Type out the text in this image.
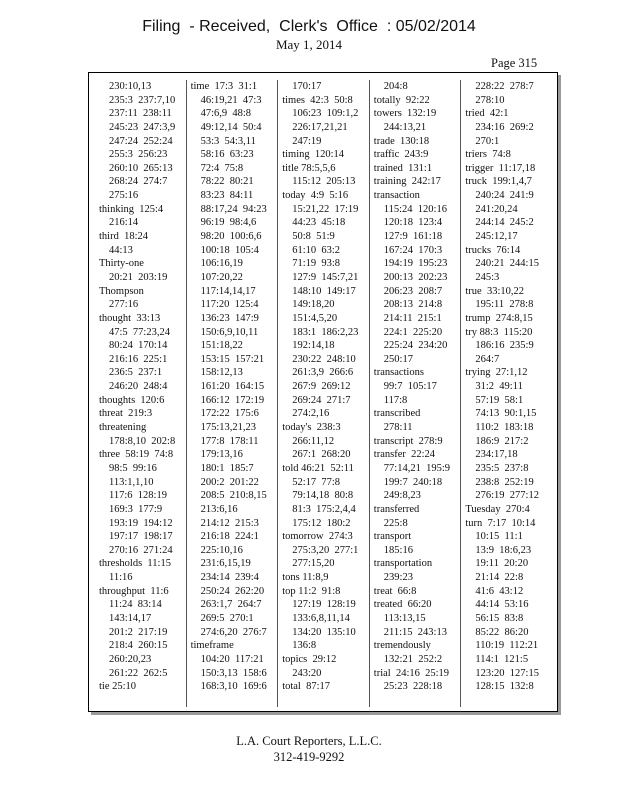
Filing  - Received,  Clerk's  Office  : 05/02/2014
May 1, 2014
Page 315
230:10,13
235:3  237:7,10
237:11  238:11
245:23  247:3,9
247:24  252:24
255:3  256:23
260:10  265:13
268:24  274:7
275:16
thinking  125:4
216:14
third  18:24
44:13
Thirty-one
20:21  203:19
Thompson
277:16
thought  33:13
47:5  77:23,24
80:24  170:14
216:16  225:1
236:5  237:1
246:20  248:4
thoughts  120:6
threat  219:3
threatening
178:8,10  202:8
three  58:19  74:8
98:5  99:16
113:1,1,10
117:6  128:19
169:3  177:9
193:19  194:12
197:17  198:17
270:16  271:24
thresholds  11:15
11:16
throughput  11:6
11:24  83:14
143:14,17
201:2  217:19
218:4  260:15
260:20,23
261:22  262:5
tie 25:10
time  17:3  31:1
46:19,21  47:3
47:6,9  48:8
49:12,14  50:4
53:3  54:3,11
58:16  63:23
72:4  75:8
78:22  80:21
83:23  84:11
88:17,24  94:23
96:19  98:4,6
98:20  100:6,6
100:18  105:4
106:16,19
107:20,22
117:14,14,17
117:20  125:4
136:23  147:9
150:6,9,10,11
151:18,22
153:15  157:21
158:12,13
161:20  164:15
166:12  172:19
172:22  175:6
175:13,21,23
177:8  178:11
179:13,16
180:1  185:7
200:2  201:22
208:5  210:8,15
213:6,16
214:12  215:3
216:18  224:1
225:10,16
231:6,15,19
234:14  239:4
250:24  262:20
263:1,7  264:7
269:5  270:1
274:6,20  276:7
timeframe
104:20  117:21
150:3,13  158:6
168:3,10  169:6
170:17
times  42:3  50:8
106:23  109:1,2
226:17,21,21
247:19
timing  120:14
title 78:5,5,6
115:12  205:13
today  4:9  5:16
15:21,22  17:19
44:23  45:18
50:8  51:9
61:10  63:2
71:19  93:8
127:9  145:7,21
148:10  149:17
149:18,20
151:4,5,20
183:1  186:2,23
192:14,18
230:22  248:10
261:3,9  266:6
267:9  269:12
269:24  271:7
274:2,16
today's  238:3
266:11,12
267:1  268:20
told 46:21  52:11
52:17  77:8
79:14,18  80:8
81:3  175:2,4,4
175:12  180:2
tomorrow  274:3
275:3,20  277:1
277:15,20
tons 11:8,9
top 11:2  91:8
127:19  128:19
133:6,8,11,14
134:20  135:10
136:8
topics  29:12
243:20
total  87:17
204:8
totally  92:22
towers  132:19
244:13,21
trade  130:18
traffic  243:9
trained  131:1
training  242:17
transaction
115:24  120:16
120:18  123:4
127:9  161:18
167:24  170:3
194:19  195:23
200:13  202:23
206:23  208:7
208:13  214:8
214:11  215:1
224:1  225:20
225:24  234:20
250:17
transactions
99:7  105:17
117:8
transcribed
278:11
transcript  278:9
transfer  22:24
77:14,21  195:9
199:7  240:18
249:8,23
transferred
225:8
transport
185:16
transportation
239:23
treat  66:8
treated  66:20
113:13,15
211:15  243:13
tremendously
132:21  252:2
trial  24:16  25:19
25:23  228:18
228:22  278:7
278:10
tried  42:1
234:16  269:2
270:1
triers  74:8
trigger  11:17,18
truck  199:1,4,7
240:24  241:9
241:20,24
244:14  245:2
245:12,17
trucks  76:14
240:21  244:15
245:3
true  33:10,22
195:11  278:8
trump  274:8,15
try 88:3  115:20
186:16  235:9
264:7
trying  27:1,12
31:2  49:11
57:19  58:1
74:13  90:1,15
110:2  183:18
186:9  217:2
234:17,18
235:5  237:8
238:8  252:19
276:19  277:12
Tuesday  270:4
turn  7:17  10:14
10:15  11:1
13:9  18:6,23
19:11  20:20
21:14  22:8
41:6  43:12
44:14  53:16
56:15  83:8
85:22  86:20
110:19  112:21
114:1  121:5
123:20  127:15
128:15  132:8
L.A. Court Reporters, L.L.C.
312-419-9292
